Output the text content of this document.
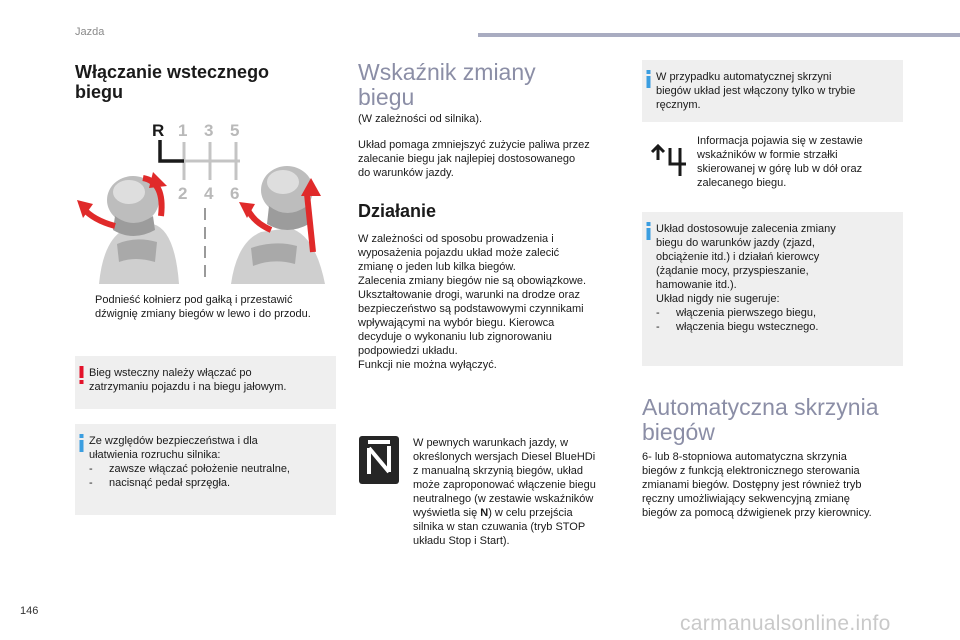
Jazda
Włączanie wstecznego
biegu
R 1 3 5
2 4 6
Podnieść kołnierz pod gałką i przestawić
dźwignię zmiany biegów w lewo i do przodu.
Bieg wsteczny należy włączać po
zatrzymaniu pojazdu i na biegu jałowym.
Ze względów bezpieczeństwa i dla
ułatwienia rozruchu silnika:
-	zawsze włączać położenie neutralne,
-	nacisnąć pedał sprzęgła.
Wskaźnik zmiany
biegu
(W zależności od silnika).
Układ pomaga zmniejszyć zużycie paliwa przez
zalecanie biegu jak najlepiej dostosowanego
do warunków jazdy.
Działanie
W zależności od sposobu prowadzenia i
wyposażenia pojazdu układ może zalecić
zmianę o jeden lub kilka biegów.
Zalecenia zmiany biegów nie są obowiązkowe.
Ukształtowanie drogi, warunki na drodze oraz
bezpieczeństwo są podstawowymi czynnikami
wpływającymi na wybór biegu. Kierowca
decyduje o wykonaniu lub zignorowaniu
podpowiedzi układu.
Funkcji nie można wyłączyć.
W pewnych warunkach jazdy, w
określonych wersjach Diesel BlueHDi
z manualną skrzynią biegów, układ
może zaproponować włączenie biegu
neutralnego (w zestawie wskaźników
wyświetla się N) w celu przejścia
silnika w stan czuwania (tryb STOP
układu Stop i Start).
W przypadku automatycznej skrzyni
biegów układ jest włączony tylko w trybie
ręcznym.
Informacja pojawia się w zestawie
wskaźników w formie strzałki
skierowanej w górę lub w dół oraz
zalecanego biegu.
Układ dostosowuje zalecenia zmiany
biegu do warunków jazdy (zjazd,
obciążenie itd.) i działań kierowcy
(żądanie mocy, przyspieszanie,
hamowanie itd.).
Układ nigdy nie sugeruje:
-	włączenia pierwszego biegu,
-	włączenia biegu wstecznego.
Automatyczna skrzynia
biegów
6- lub 8-stopniowa automatyczna skrzynia
biegów z funkcją elektronicznego sterowania
zmianami biegów. Dostępny jest również tryb
ręczny umożliwiający sekwencyjną zmianę
biegów za pomocą dźwigienek przy kierownicy.
146
carmanualsonline.info
